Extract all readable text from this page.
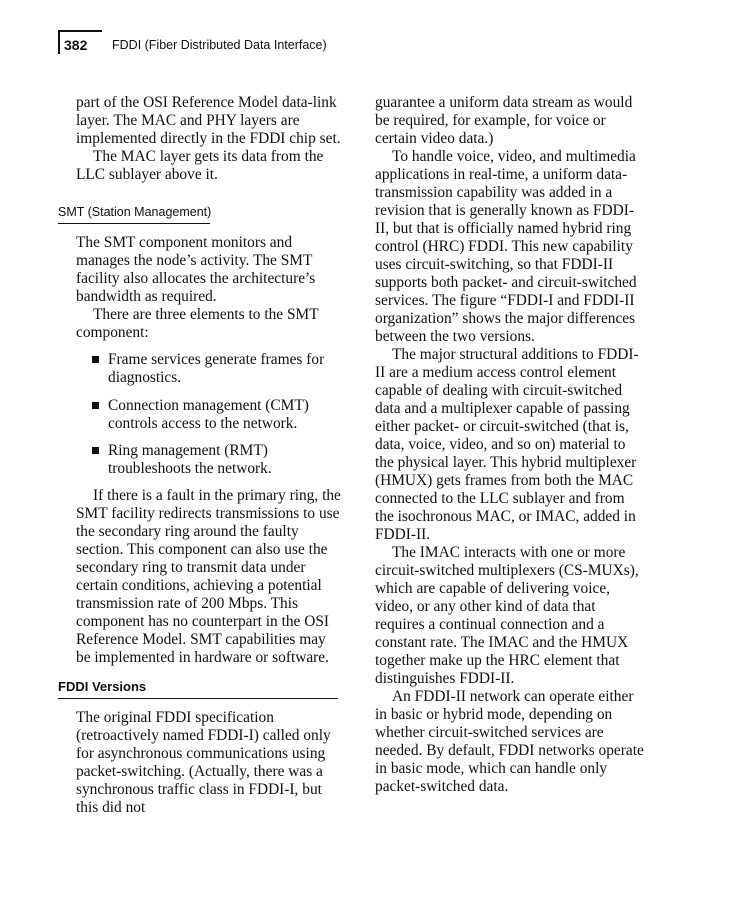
382 FDDI (Fiber Distributed Data Interface)

part of the OSI Reference Model data-link layer. The MAC and PHY layers are implemented directly in the FDDI chip set.

The MAC layer gets its data from the LLC sublayer above it.

SMT (Station Management)

The SMT component monitors and manages the node’s activity. The SMT facility also allocates the architecture’s bandwidth as required.

There are three elements to the SMT component:

Frame services generate frames for diagnostics.
Connection management (CMT) controls access to the network.
Ring management (RMT) troubleshoots the network.

If there is a fault in the primary ring, the SMT facility redirects transmissions to use the secondary ring around the faulty section. This component can also use the secondary ring to transmit data under certain conditions, achieving a potential transmission rate of 200 Mbps. This component has no counterpart in the OSI Reference Model. SMT capabilities may be implemented in hardware or software.

FDDI Versions

The original FDDI specification (retroactively named FDDI-I) called only for asynchronous communications using packet-switching. (Actually, there was a synchronous traffic class in FDDI-I, but this did not

guarantee a uniform data stream as would be required, for example, for voice or certain video data.)

To handle voice, video, and multimedia applications in real-time, a uniform data-transmission capability was added in a revision that is generally known as FDDI-II, but that is officially named hybrid ring control (HRC) FDDI. This new capability uses circuit-switching, so that FDDI-II supports both packet- and circuit-switched services. The figure “FDDI-I and FDDI-II organization” shows the major differences between the two versions.

The major structural additions to FDDI-II are a medium access control element capable of dealing with circuit-switched data and a multiplexer capable of passing either packet- or circuit-switched (that is, data, voice, video, and so on) material to the physical layer. This hybrid multiplexer (HMUX) gets frames from both the MAC connected to the LLC sublayer and from the isochronous MAC, or IMAC, added in FDDI-II.

The IMAC interacts with one or more circuit-switched multiplexers (CS-MUXs), which are capable of delivering voice, video, or any other kind of data that requires a continual connection and a constant rate. The IMAC and the HMUX together make up the HRC element that distinguishes FDDI-II.

An FDDI-II network can operate either in basic or hybrid mode, depending on whether circuit-switched services are needed. By default, FDDI networks operate in basic mode, which can handle only packet-switched data.
